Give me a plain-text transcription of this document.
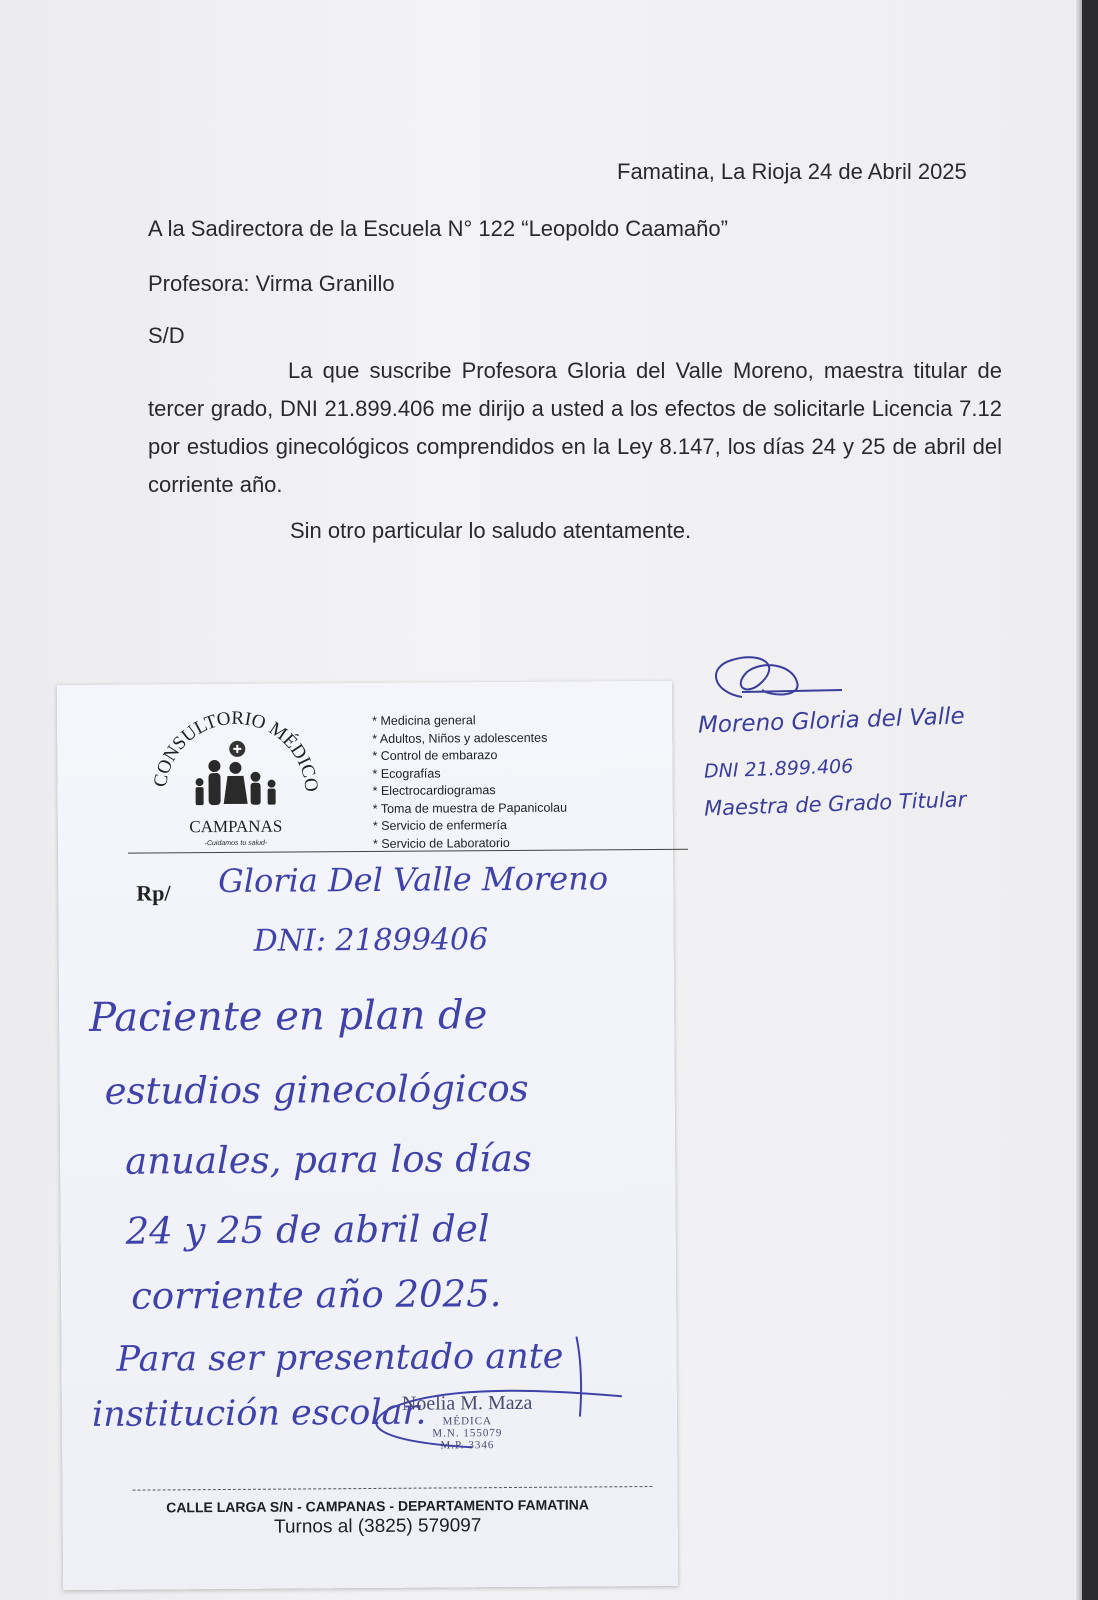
Famatina, La Rioja 24 de Abril 2025
A la Sadirectora de la Escuela N° 122 “Leopoldo Caamaño”
Profesora: Virma Granillo
S/D
La que suscribe Profesora Gloria del Valle Moreno, maestra titular de tercer grado, DNI 21.899.406 me dirijo a usted a los efectos de solicitarle Licencia 7.12 por estudios ginecológicos comprendidos en la Ley 8.147, los días 24 y 25 de abril del corriente año.
Sin otro particular lo saludo atentamente.
Moreno Gloria del Valle
DNI 21.899.406
Maestra de Grado Titular
CONSULTORIO MÉDICO
CAMPANAS
-Cuidamos tu salud-
* Medicina general
* Adultos, Niños y adolescentes
* Control de embarazo
* Ecografías
* Electrocardiogramas
* Toma de muestra de Papanicolau
* Servicio de enfermería
* Servicio de Laboratorio
Rp/ Gloria Del Valle Moreno
DNI: 21899406
Paciente en plan de
estudios ginecológicos
anuales, para los días
24 y 25 de abril del
corriente año 2025.
Para ser presentado ante
institución escolar.
Noelia M. Maza
MÉDICA
M.N. 155079
M.P. 3346
CALLE LARGA S/N - CAMPANAS - DEPARTAMENTO FAMATINA
Turnos al (3825) 579097
